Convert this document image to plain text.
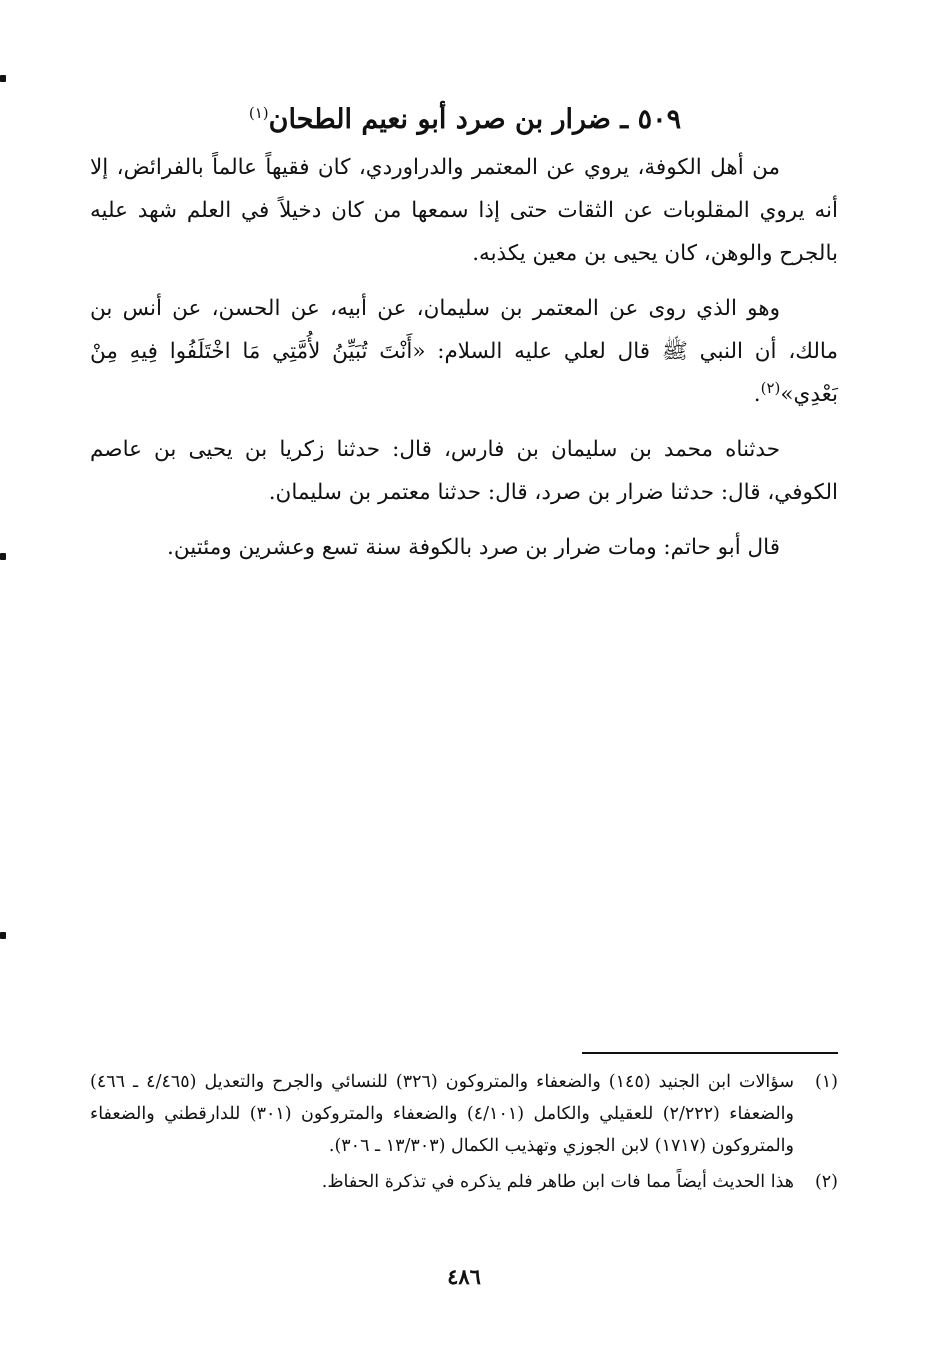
٥٠٩ ـ ضرار بن صرد أبو نعيم الطحان$^{(١)}$

من أهل الكوفة، يروي عن المعتمر والدراوردي، كان فقيهاً عالماً بالفرائض، إلا أنه يروي المقلوبات عن الثقات حتى إذا سمعها من كان دخيلاً في العلم شهد عليه بالجرح والوهن، كان يحيى بن معين يكذبه.

وهو الذي روى عن المعتمر بن سليمان، عن أبيه، عن الحسن، عن أنس بن مالك، أن النبي ﷺ قال لعلي عليه السلام: «أَنْتَ تُبَيِّنُ لأُمَّتِي مَا اخْتَلَفُوا فِيهِ مِنْ بَعْدِي»$^{(٢)}$.

حدثناه محمد بن سليمان بن فارس، قال: حدثنا زكريا بن يحيى بن عاصم الكوفي، قال: حدثنا ضرار بن صرد، قال: حدثنا معتمر بن سليمان.

قال أبو حاتم: ومات ضرار بن صرد بالكوفة سنة تسع وعشرين ومئتين.

(١)
سؤالات ابن الجنيد (١٤٥) والضعفاء والمتروكون (٣٢٦) للنسائي والجرح والتعديل (٤/٤٦٥ ـ ٤٦٦) والضعفاء (٢/٢٢٢) للعقيلي والكامل (٤/١٠١) والضعفاء والمتروكون (٣٠١) للدارقطني والضعفاء والمتروكون (١٧١٧) لابن الجوزي وتهذيب الكمال (١٣/٣٠٣ ـ ٣٠٦).
(٢)
هذا الحديث أيضاً مما فات ابن طاهر فلم يذكره في تذكرة الحفاظ.
٤٨٦
